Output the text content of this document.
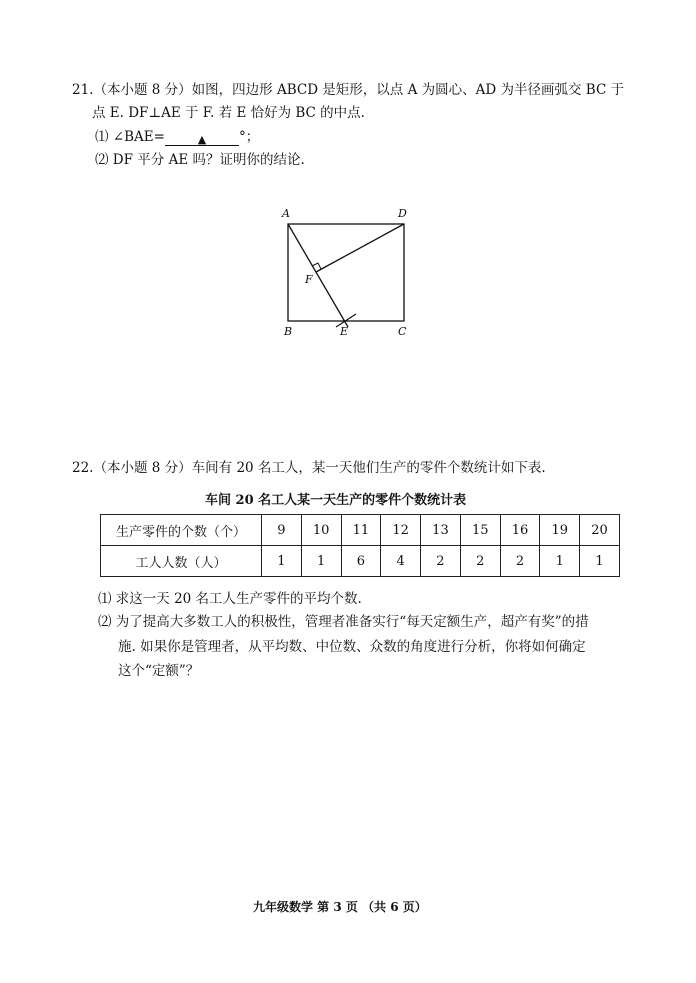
21.（本小题 8 分）如图，四边形 ABCD 是矩形，以点 A 为圆心、AD 为半径画弧交 BC 于
点 E. DF⊥AE 于 F. 若 E 恰好为 BC 的中点.
⑴ ∠BAE=	▲ °；
⑵ DF 平分 AE 吗？证明你的结论.
A	D
B	C
E
F
22.（本小题 8 分）车间有 20 名工人，某一天他们生产的零件个数统计如下表.
车间 20 名工人某一天生产的零件个数统计表
生产零件的个数（个）	9	10	11	12	13	15	16	19	20
工人人数（人）	1	1	6	4	2	2	2	1	1
⑴ 求这一天 20 名工人生产零件的平均个数.
⑵ 为了提高大多数工人的积极性，管理者准备实行“每天定额生产，超产有奖”的措
施. 如果你是管理者，从平均数、中位数、众数的角度进行分析，你将如何确定
这个“定额”？
九年级数学 第 3 页 （共 6 页）
